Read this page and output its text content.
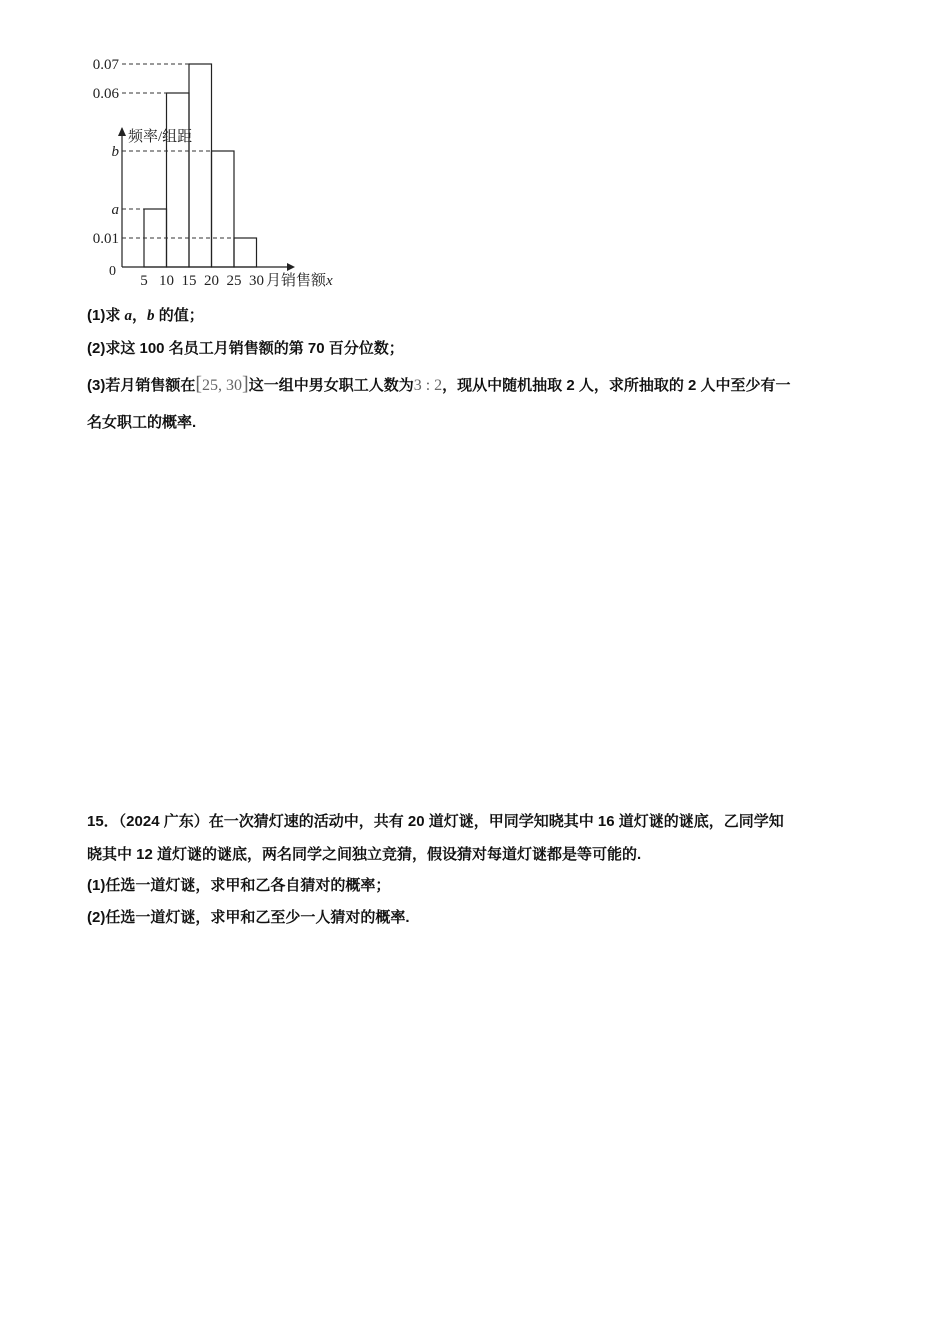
频率/组距
0
a
0.06
0.07
b
0.01
5 10 15 20 25 30 月销售额x
(1)求 a，b 的值；
(2)求这 100 名员工月销售额的第 70 百分位数；
(3)若月销售额在[25, 30]这一组中男女职工人数为3 : 2，现从中随机抽取 2 人，求所抽取的 2 人中至少有一
名女职工的概率.
15．（2024 广东）在一次猜灯速的活动中，共有 20 道灯谜，甲同学知晓其中 16 道灯谜的谜底，乙同学知
晓其中 12 道灯谜的谜底，两名同学之间独立竞猜，假设猜对每道灯谜都是等可能的.
(1)任选一道灯谜，求甲和乙各自猜对的概率；
(2)任选一道灯谜，求甲和乙至少一人猜对的概率.
